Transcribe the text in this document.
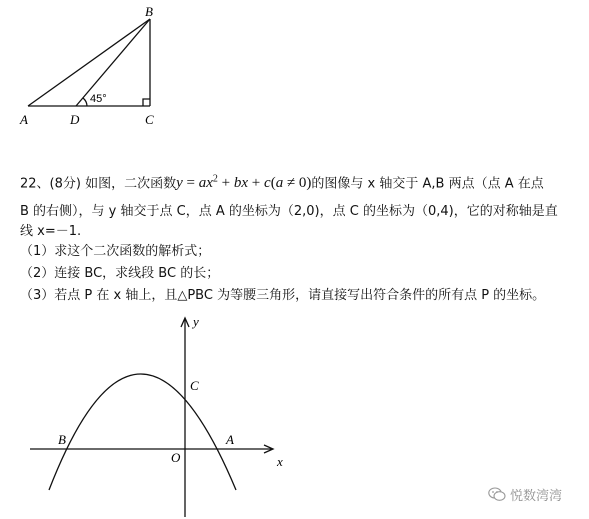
B
A	D	C
45°
22、(8分) 如图，二次函数$y = ax^2$ + bx + c(a ≠ 0)的图像与 x 轴交于 A,B 两点（点 A 在点
B 的右侧），与 y 轴交于点 C，点 A 的坐标为（2,0)，点 C 的坐标为（0,4)，它的对称轴是直
线 x=－1.
（1）求这个二次函数的解析式；
（2）连接 BC，求线段 BC 的长；
（3）若点 P 在 x 轴上，且△PBC 为等腰三角形，请直接写出符合条件的所有点 P 的坐标。
y
x
O
B	A
C
悦数湾湾
